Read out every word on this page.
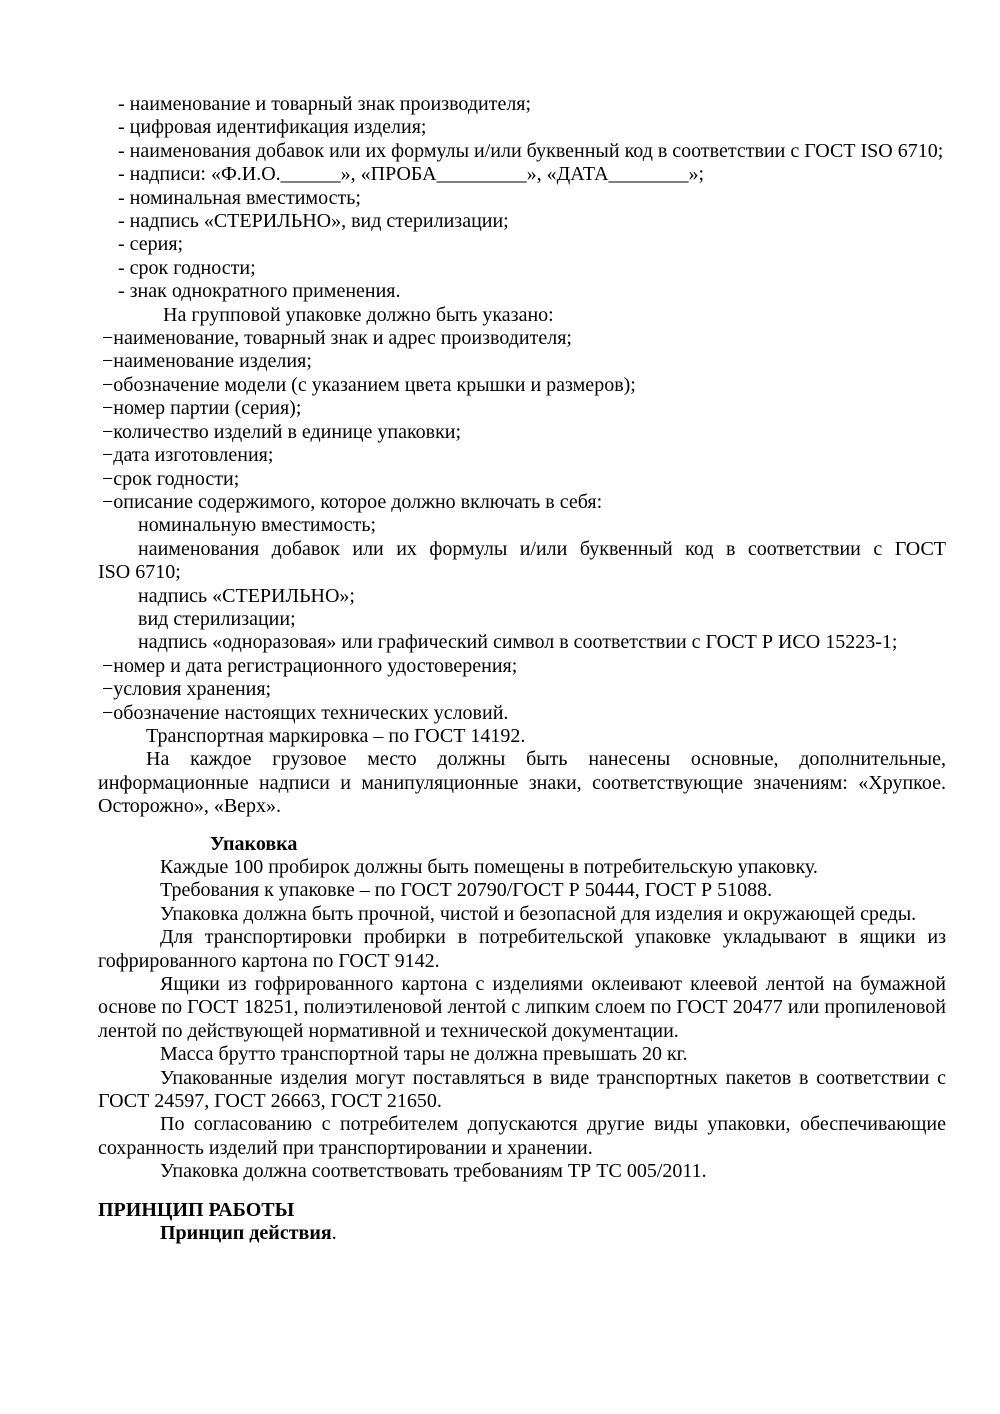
- наименование и товарный знак производителя;

- цифровая идентификация изделия;

- наименования добавок или их формулы и/или буквенный код в соответствии с ГОСТ ISO 6710;

- надписи: «Ф.И.О.______», «ПРОБА_________», «ДАТА________»;

- номинальная вместимость;

- надпись «СТЕРИЛЬНО», вид стерилизации;

- серия;

- срок годности;

- знак однократного применения.

На групповой упаковке должно быть указано:

−наименование, товарный знак и адрес производителя;

−наименование изделия;

−обозначение модели (с указанием цвета крышки и размеров);

−номер партии (серия);

−количество изделий в единице упаковки;

−дата изготовления;

−срок годности;

−описание содержимого, которое должно включать в себя:

номинальную вместимость;

наименования добавок или их формулы и/или буквенный код в соответствии с ГОСТ ISO 6710;

надпись «СТЕРИЛЬНО»;

вид стерилизации;

надпись «одноразовая» или графический символ в соответствии с ГОСТ Р ИСО 15223-1;

−номер и дата регистрационного удостоверения;

−условия хранения;

−обозначение настоящих технических условий.

Транспортная маркировка – по ГОСТ 14192.

На каждое грузовое место должны быть нанесены основные, дополнительные, информационные надписи и манипуляционные знаки, соответствующие значениям: «Хрупкое. Осторожно», «Верх».

Упаковка

Каждые 100 пробирок должны быть помещены в потребительскую упаковку.

Требования к упаковке – по ГОСТ 20790/ГОСТ Р 50444, ГОСТ Р 51088.

Упаковка должна быть прочной, чистой и безопасной для изделия и окружающей среды.

Для транспортировки пробирки в потребительской упаковке укладывают в ящики из гофрированного картона по ГОСТ 9142.

Ящики из гофрированного картона с изделиями оклеивают клеевой лентой на бумажной основе по ГОСТ 18251, полиэтиленовой лентой с липким слоем по ГОСТ 20477 или пропиленовой лентой по действующей нормативной и технической документации.

Масса брутто транспортной тары не должна превышать 20 кг.

Упакованные изделия могут поставляться в виде транспортных пакетов в соответствии с ГОСТ 24597, ГОСТ 26663, ГОСТ 21650.

По согласованию с потребителем допускаются другие виды упаковки, обеспечивающие сохранность изделий при транспортировании и хранении.

Упаковка должна соответствовать требованиям ТР ТС 005/2011.

ПРИНЦИП РАБОТЫ

Принцип действия.
